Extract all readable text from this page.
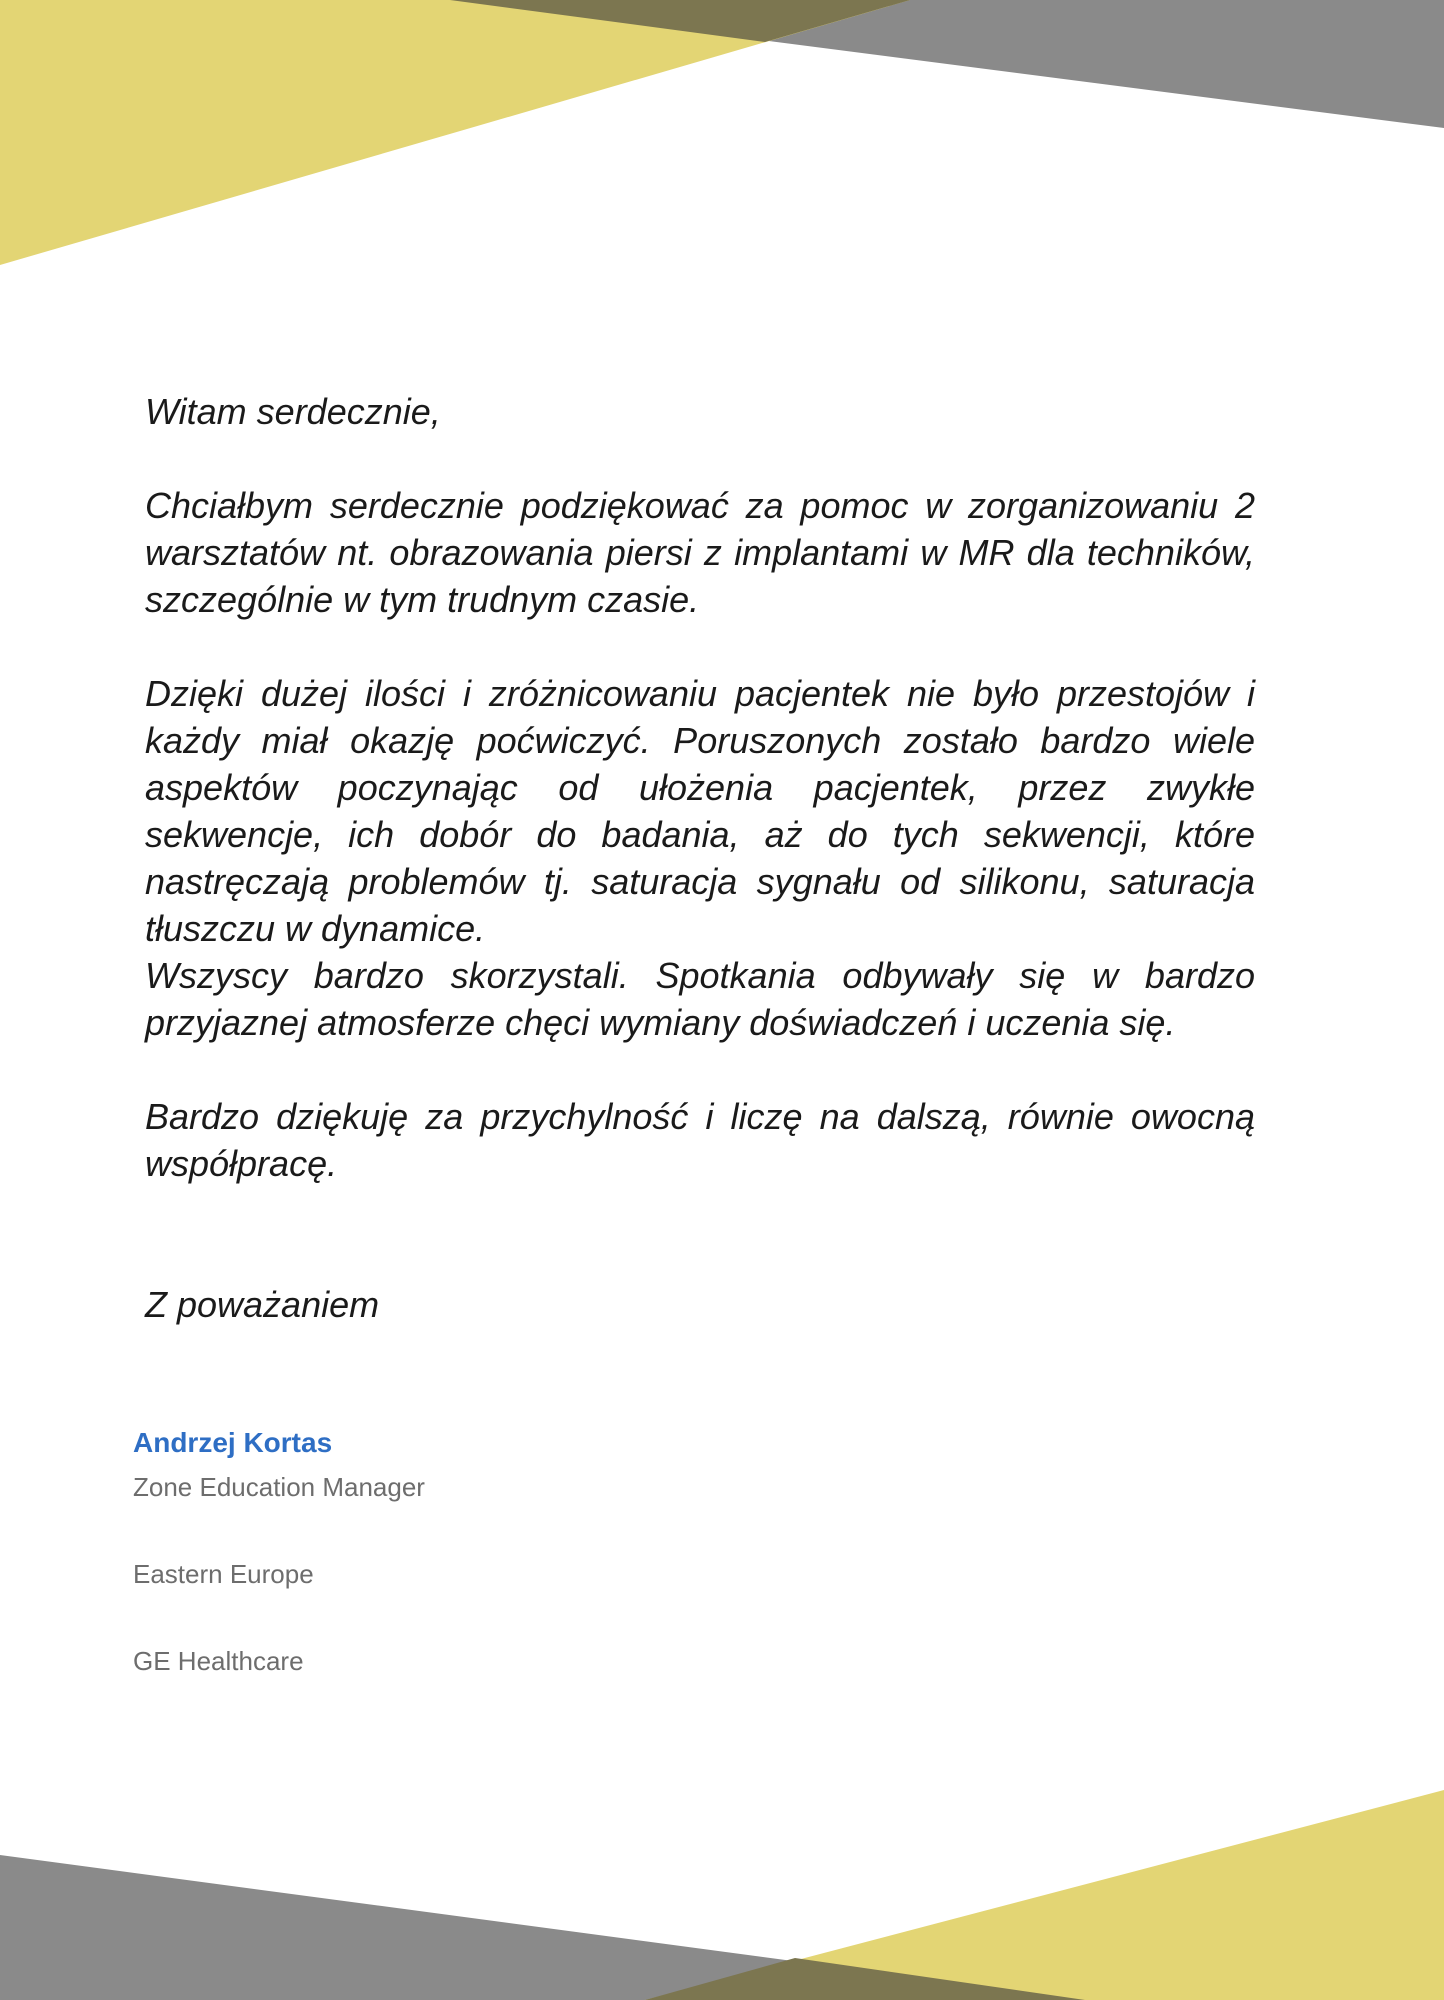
Witam serdecznie,

Chciałbym serdecznie podziękować za pomoc w zorganizowaniu 2 warsztatów nt. obrazowania piersi z implantami w MR dla techników, szczególnie w tym trudnym czasie.

Dzięki dużej ilości i zróżnicowaniu pacjentek nie było przestojów i każdy miał okazję poćwiczyć. Poruszonych zostało bardzo wiele aspektów poczynając od ułożenia pacjentek, przez zwykłe sekwencje, ich dobór do badania, aż do tych sekwencji, które nastręczają problemów tj. saturacja sygnału od silikonu, saturacja tłuszczu w dynamice.

Wszyscy bardzo skorzystali. Spotkania odbywały się w bardzo przyjaznej atmosferze chęci wymiany doświadczeń i uczenia się.

Bardzo dziękuję za przychylność i liczę na dalszą, równie owocną współpracę.

Z poważaniem

Andrzej Kortas

Zone Education Manager

Eastern Europe

GE Healthcare
